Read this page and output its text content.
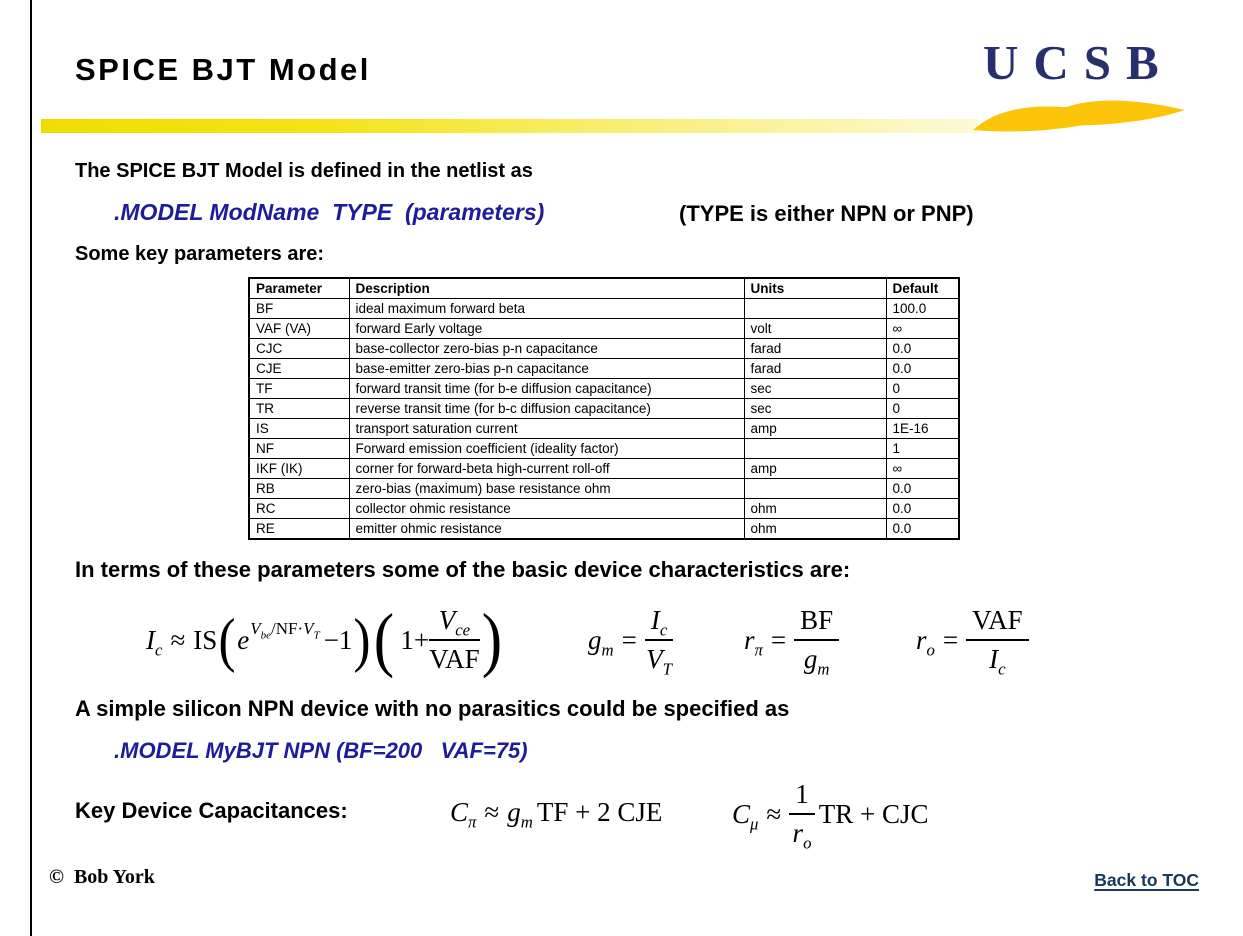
SPICE BJT Model	UCSB
The SPICE BJT Model is defined in the netlist as
.MODEL ModName  TYPE  (parameters)	(TYPE is either NPN or PNP)
Some key parameters are:
Parameter	Description	Units	Default
BF	ideal maximum forward beta		100.0
VAF (VA)	forward Early voltage	volt	∞
CJC	base-collector zero-bias p-n capacitance	farad	0.0
CJE	base-emitter zero-bias p-n capacitance	farad	0.0
TF	forward transit time (for b-e diffusion capacitance)	sec	0
TR	reverse transit time (for b-c diffusion capacitance)	sec	0
IS	transport saturation current	amp	1E-16
NF	Forward emission coefficient (ideality factor)		1
IKF (IK)	corner for forward-beta high-current roll-off	amp	∞
RB	zero-bias (maximum) base resistance ohm		0.0
RC	collector ohmic resistance	ohm	0.0
RE	emitter ohmic resistance	ohm	0.0
In terms of these parameters some of the basic device characteristics are:
$I_c$ ≈ IS ( $e^{V_{be}/NF\cdot V_T} -1$ ) ( $1+ \frac{V_{ce}}{\text{VAF}}$ )	$g_m = \frac{I_c}{V_T}$	$r_\pi = \frac{BF}{g_m}$	$r_o = \frac{\text{VAF}}{I_c}$
A simple silicon NPN device with no parasitics could be specified as
.MODEL MyBJT NPN (BF=200   VAF=75)
Key Device Capacitances:	$C_\pi \approx g_m$ TF + 2 CJE	$C_\mu \approx \frac{1}{r_o}$ TR + CJC
©  Bob York	Back to TOC
